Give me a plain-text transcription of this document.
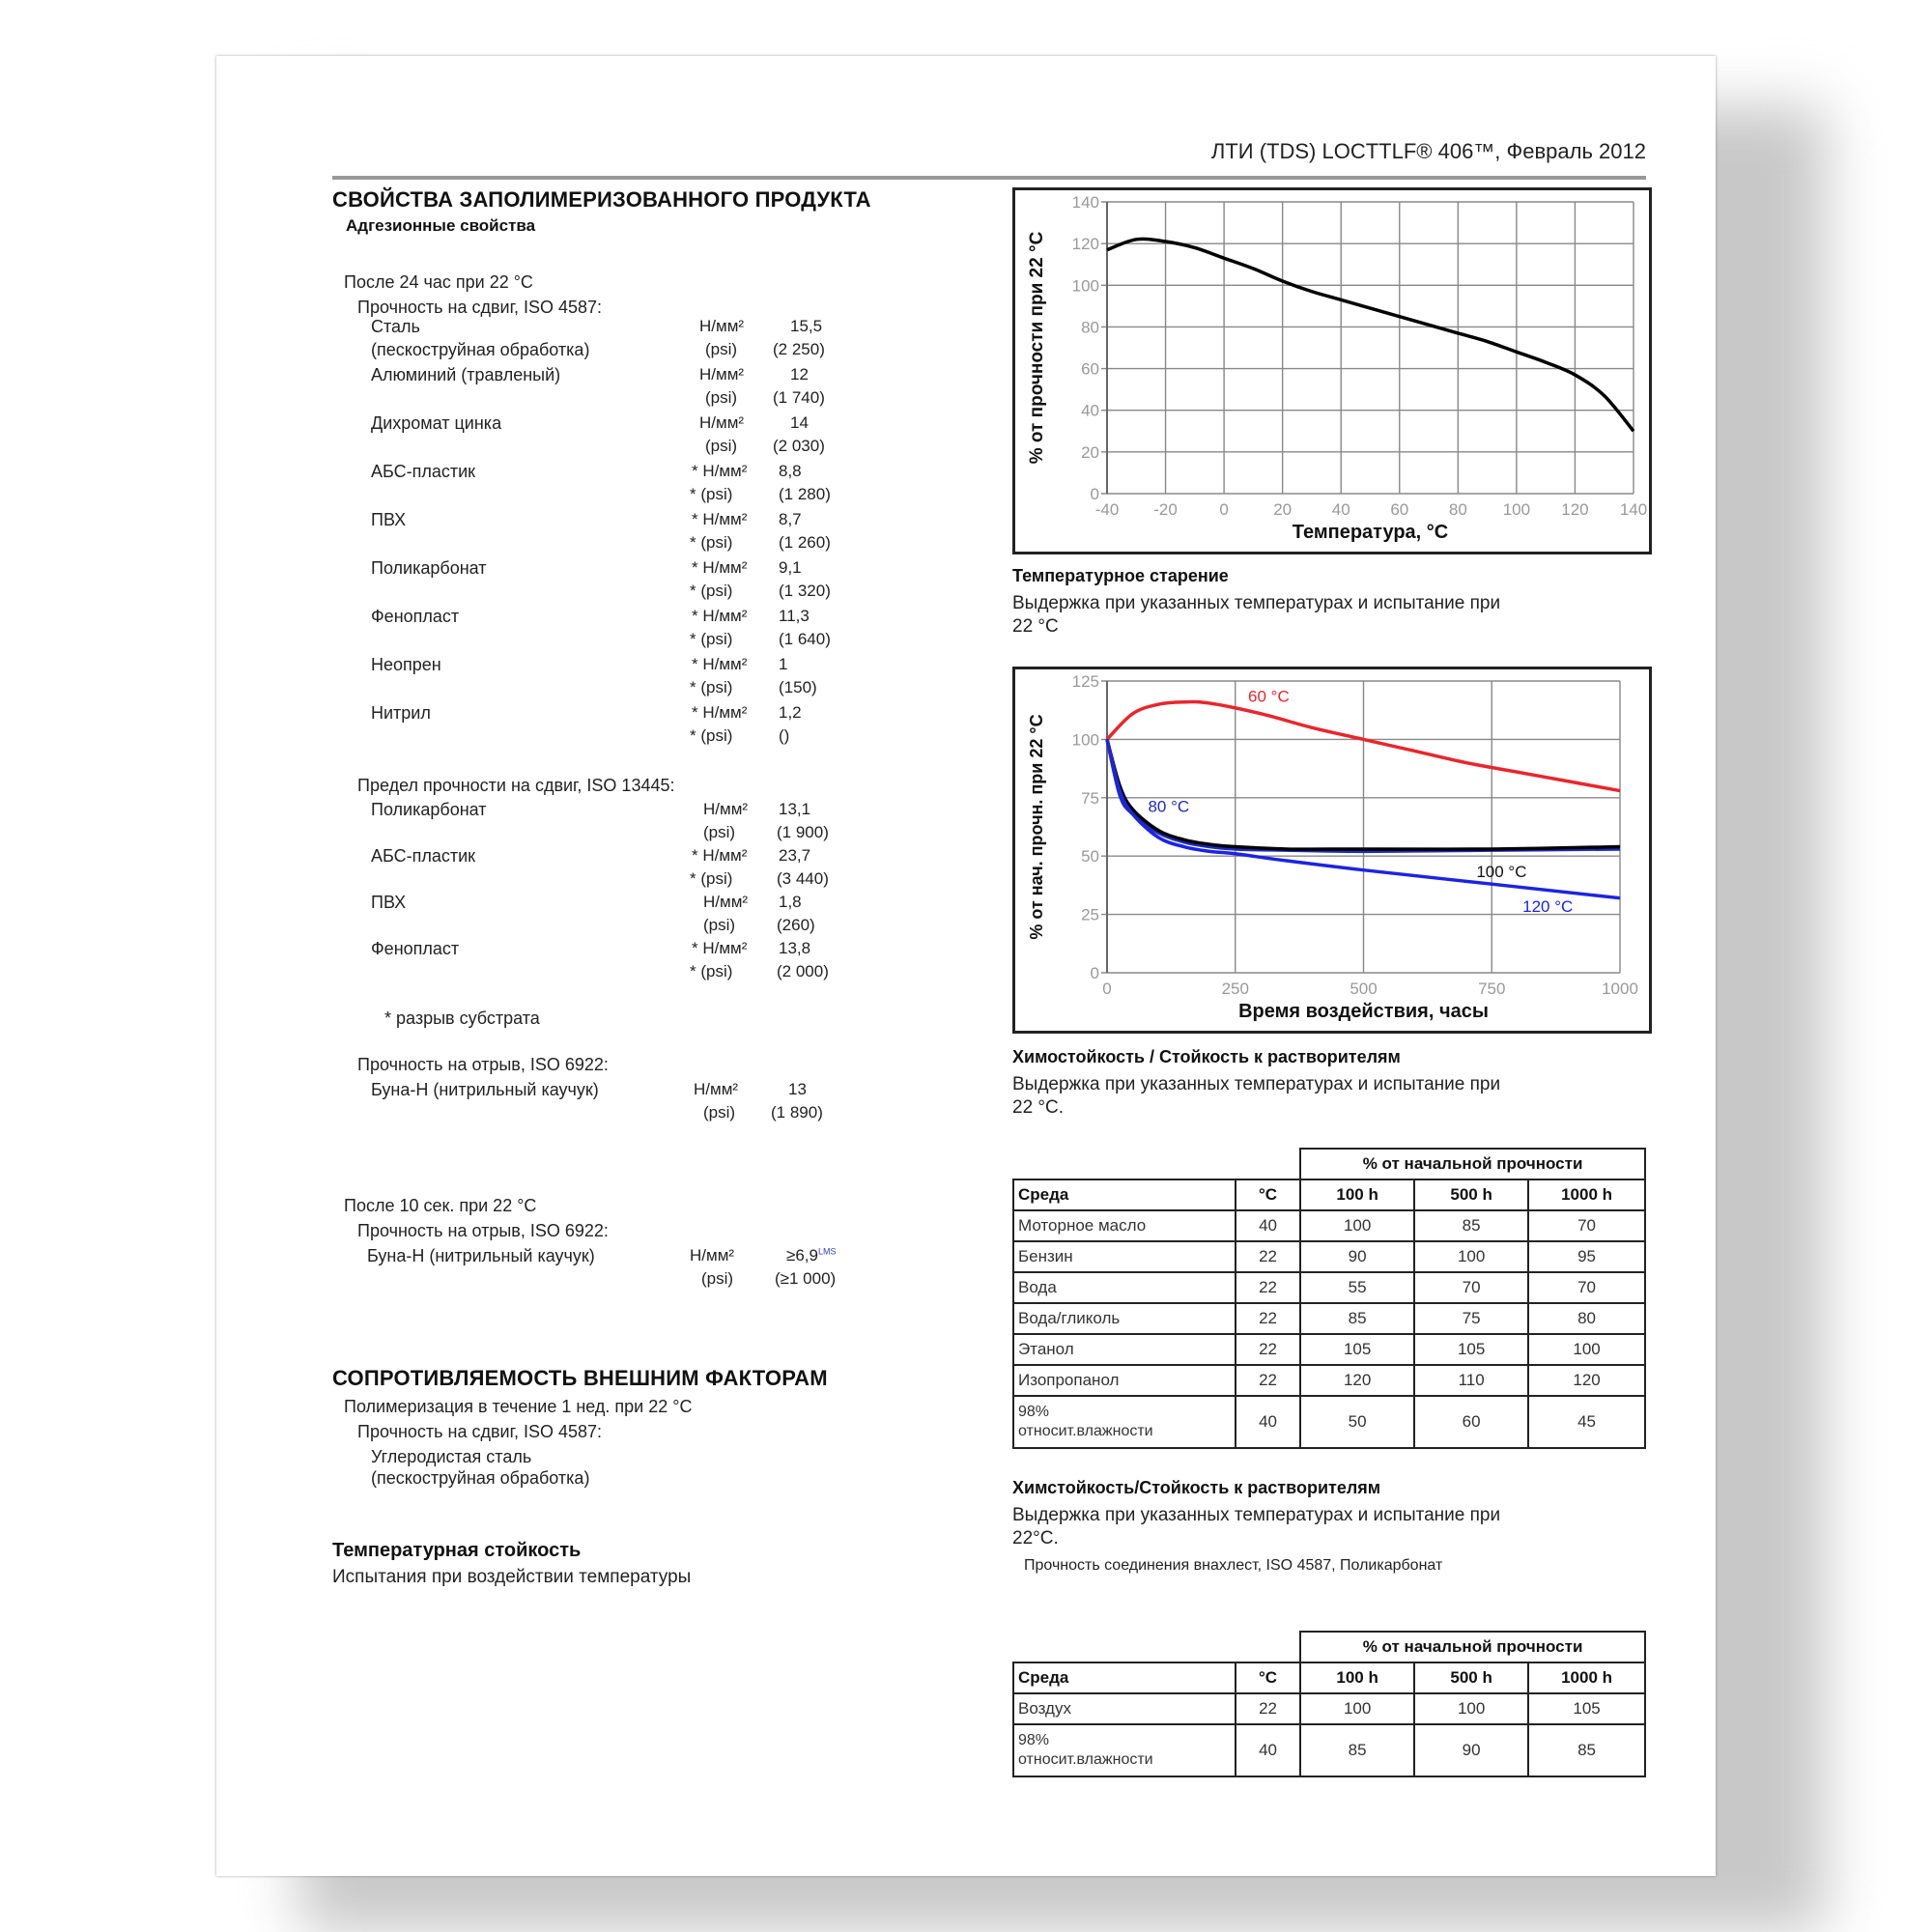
ЛТИ (TDS) LOCTTLF® 406™, Февраль 2012
СВОЙСТВА ЗАПОЛИМЕРИЗОВАННОГО ПРОДУКТА
Адгезионные свойства
После 24 час при 22 °C
Прочность на сдвиг, ISO 4587:
Сталь
(пескоструйная обработка)
Н/мм²	15,5
(psi) (2 250)
Алюминий (травленый)	Н/мм²	12
(psi) (1 740)
Дихромат цинка	Н/мм²	14
(psi) (2 030)
АБС-пластик	* Н/мм² 8,8
* (psi)	(1 280)
ПВХ	* Н/мм² 8,7
* (psi)	(1 260)
Поликарбонат	* Н/мм² 9,1
* (psi)	(1 320)
Фенопласт	* Н/мм² 11,3
* (psi)	(1 640)
Неопрен	* Н/мм² 1
* (psi)	(150)
Нитрил	* Н/мм² 1,2
* (psi)	()
Предел прочности на сдвиг, ISO 13445:
Поликарбонат	Н/мм² 13,1
(psi)	(1 900)
АБС-пластик	* Н/мм² 23,7
* (psi)	(3 440)
ПВХ	Н/мм² 1,8
(psi)	(260)
Фенопласт	* Н/мм² 13,8
* (psi)	(2 000)
* разрыв субстрата
Прочность на отрыв, ISO 6922:
Буна-Н (нитрильный каучук)	Н/мм²	13
(psi) (1 890)
После 10 сек. при 22 °C
Прочность на отрыв, ISO 6922:
Буна-Н (нитрильный каучук)	Н/мм²	$\ge 6,9^{LMS}$
(psi)	(≥1 000)
СОПРОТИВЛЯЕМОСТЬ ВНЕШНИМ ФАКТОРАМ
Полимеризация в течение 1 нед. при 22 °C
Прочность на сдвиг, ISO 4587:
Углеродистая сталь
(пескоструйная обработка)
Температурная стойкость
Испытания при воздействии температуры
-40 -20	0	20 40 60 80 100 120 140
0
20
40
60
80
100
120
140
Температура, °C
% от прочности при 22 °C
Температурное старение
Выдержка при указанных температурах и испытание при
22 °C
0	250	500	750	1000
0
25
50
75
100
125
Время воздействия, часы
% от нач. прочн. при 22 °C
60 °C
80 °C
100 °C
120 °C
Химостойкость / Стойкость к растворителям
Выдержка при указанных температурах и испытание при
22 °C.
		% от начальной прочности		
Среда	°C	100 h	500 h	1000 h
Моторное масло	40	100	85	70
Бензин	22	90	100	95
Вода	22	55	70	70
Вода/гликоль	22	85	75	80
Этанол	22	105	105	100
Изопропанол	22	120	110	120

98%
относит.влажности	40	50	60	45
Химстойкость/Стойкость к растворителям
Выдержка при указанных температурах и испытание при
22°C.
Прочность соединения внахлест, ISO 4587, Поликарбонат
		% от начальной прочности		
Среда	°C	100 h	500 h	1000 h
Воздух	22	100	100	105

98%
относит.влажности	40	85	90	85
